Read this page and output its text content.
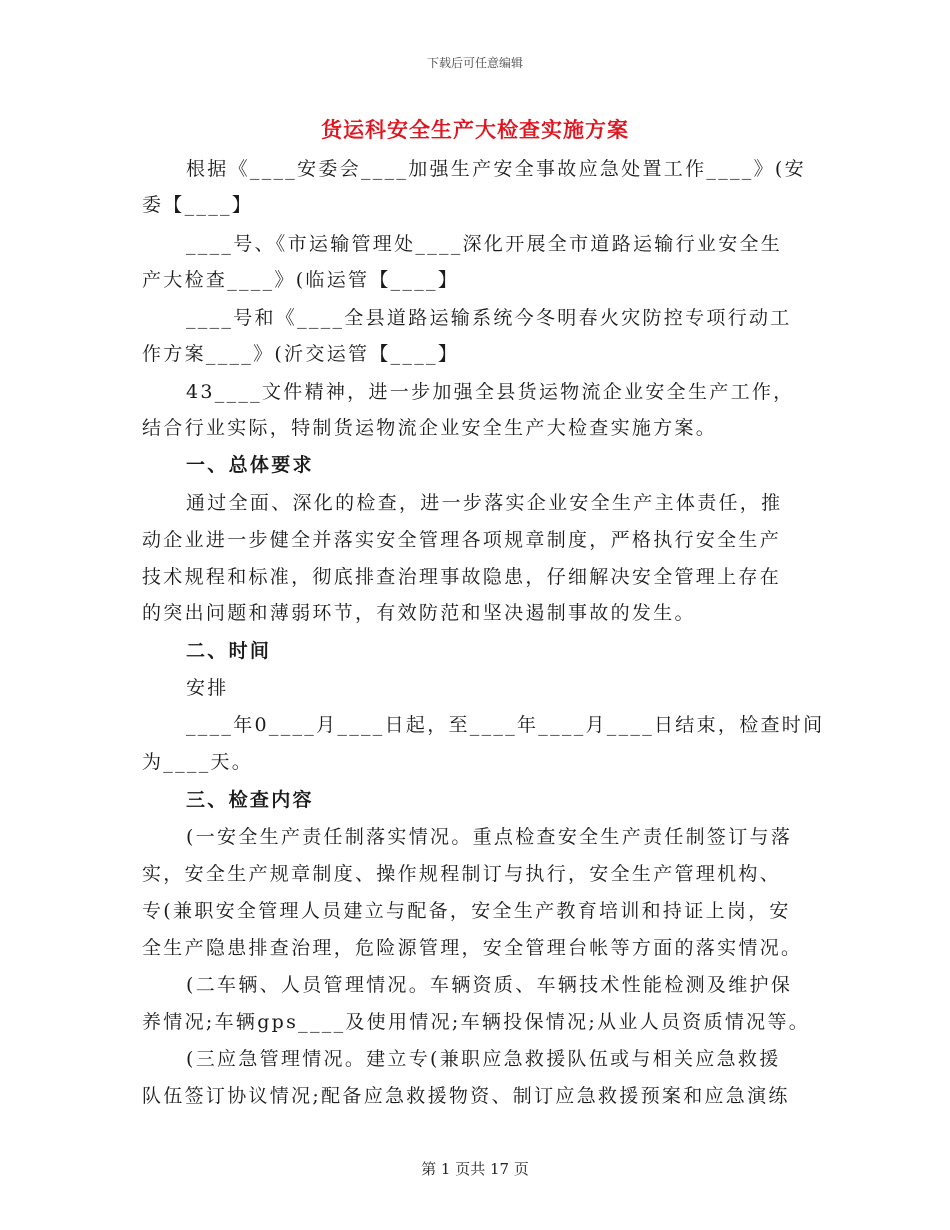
下载后可任意编辑
货运科安全生产大检查实施方案
根据《____安委会____加强生产安全事故应急处置工作____》(安
委【____】
____号、《市运输管理处____深化开展全市道路运输行业安全生
产大检查____》(临运管【____】
____号和《____全县道路运输系统今冬明春火灾防控专项行动工
作方案____》(沂交运管【____】
43____文件精神，进一步加强全县货运物流企业安全生产工作，
结合行业实际，特制货运物流企业安全生产大检查实施方案。
一、总体要求
通过全面、深化的检查，进一步落实企业安全生产主体责任，推
动企业进一步健全并落实安全管理各项规章制度，严格执行安全生产
技术规程和标准，彻底排查治理事故隐患，仔细解决安全管理上存在
的突出问题和薄弱环节，有效防范和坚决遏制事故的发生。
二、时间
安排
____年0____月____日起，至____年____月____日结束，检查时间
为____天。
三、检查内容
(一安全生产责任制落实情况。重点检查安全生产责任制签订与落
实，安全生产规章制度、操作规程制订与执行，安全生产管理机构、
专(兼职安全管理人员建立与配备，安全生产教育培训和持证上岗，安
全生产隐患排查治理，危险源管理，安全管理台帐等方面的落实情况。
(二车辆、人员管理情况。车辆资质、车辆技术性能检测及维护保
养情况;车辆gps____及使用情况;车辆投保情况;从业人员资质情况等。
(三应急管理情况。建立专(兼职应急救援队伍或与相关应急救援
队伍签订协议情况;配备应急救援物资、制订应急救援预案和应急演练
第 1 页共 17 页
